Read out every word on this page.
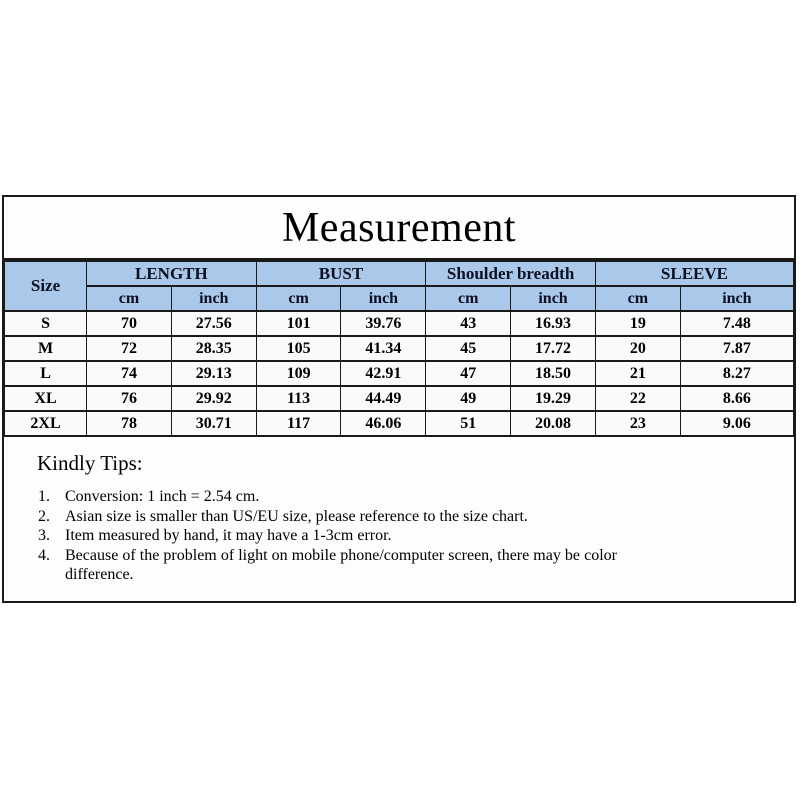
Measurement
Size	LENGTH		BUST		Shoulder breadth		SLEEVE	
	cm	inch	cm	inch	cm	inch	cm	inch
S	70	27.56	101	39.76	43	16.93	19	7.48
M	72	28.35	105	41.34	45	17.72	20	7.87
L	74	29.13	109	42.91	47	18.50	21	8.27
XL	76	29.92	113	44.49	49	19.29	22	8.66
2XL	78	30.71	117	46.06	51	20.08	23	9.06
Kindly Tips:
Conversion: 1 inch = 2.54 cm.
Asian size is smaller than US/EU size, please reference to the size chart.
Item measured by hand, it may have a 1-3cm error.
Because of the problem of light on mobile phone/computer screen, there may be color difference.
